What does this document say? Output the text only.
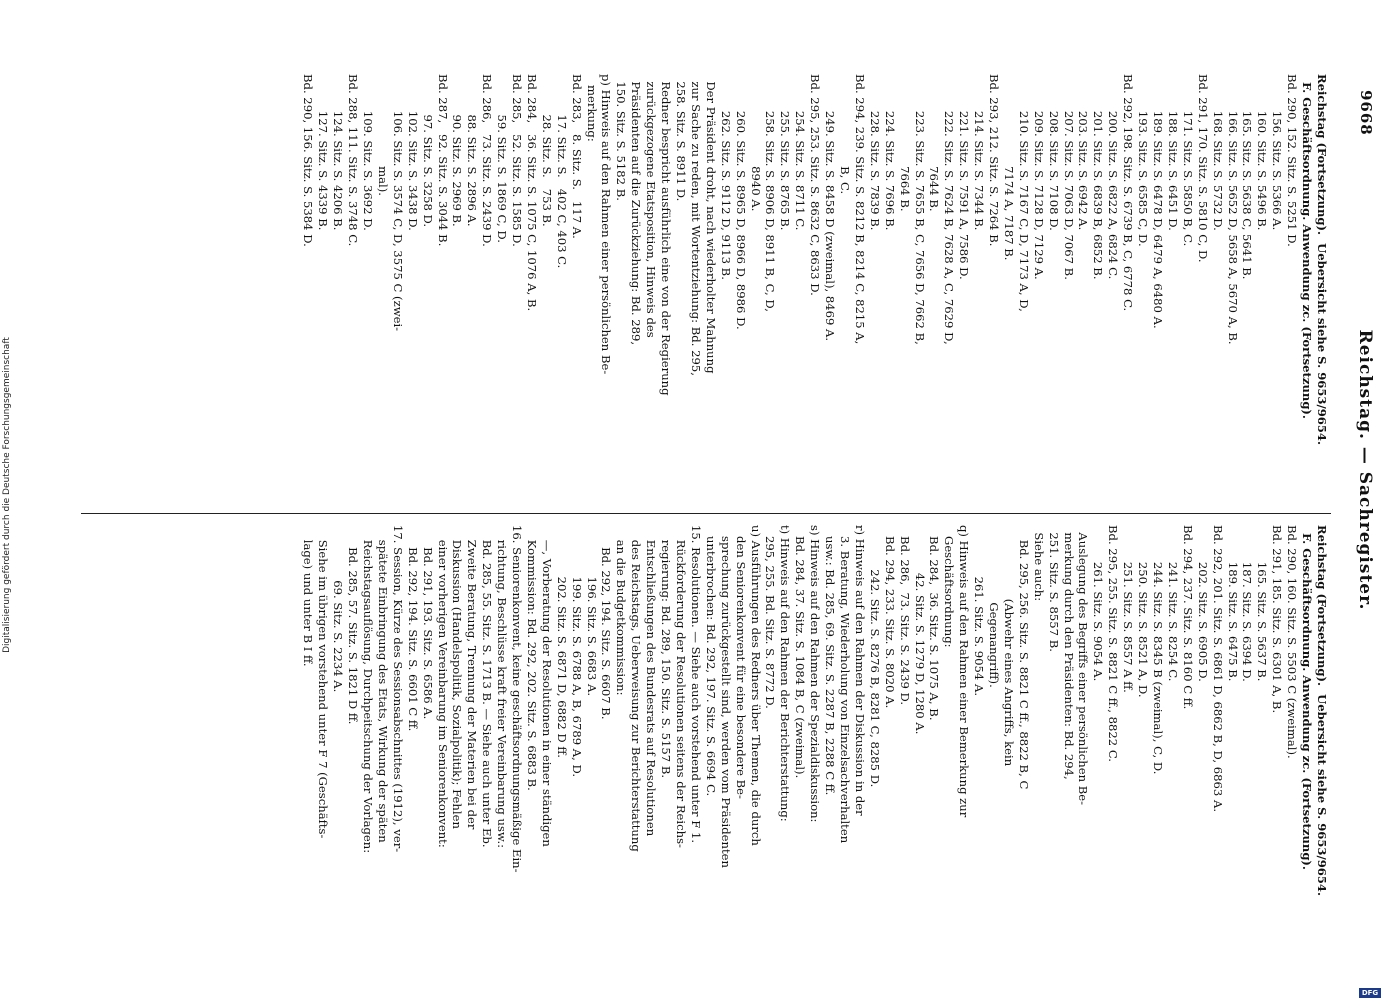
9668
Reichstag. — Sachregister.
Reichstag (Fortsetzung).  Uebersicht siehe S. 9653/9654.
F. Geschäftsordnung. Anwendung zc. (Fortsetzung).
Bd. 290, 152. Sitz. S. 5251 D.
156. Sitz. S. 5366 A.
160. Sitz. S. 5496 B.
165. Sitz. S. 5638 C, 5641 B.
166. Sitz. S. 5652 D, 5658 A, 5670 A, B.
168. Sitz. S. 5732 D.
Bd. 291, 170. Sitz. S. 5810 C, D.
171. Sitz. S. 5850 B, C.
188. Sitz. S. 6451 D.
189. Sitz. S. 6478 D, 6479 A, 6480 A.
193. Sitz. S. 6585 C, D.
Bd. 292, 198. Sitz. S. 6739 B, C, 6778 C.
200. Sitz. S. 6822 A, 6824 C.
201. Sitz. S. 6839 B, 6852 B.
203. Sitz. S. 6942 A.
207. Sitz. S. 7063 D, 7067 B.
208. Sitz. S. 7108 D.
209. Sitz. S. 7128 D, 7129 A.
210. Sitz. S. 7167 C, D, 7173 A, D,
7174 A, 7187 B.
Bd. 293, 212. Sitz. S. 7264 B.
214. Sitz. S. 7344 B.
221. Sitz. S. 7591 A, 7586 D.
222. Sitz. S. 7624 B, 7628 A, C, 7629 D,
7644 B.
223. Sitz. S. 7655 B, C, 7656 D, 7662 B,
7664 B.
224. Sitz. S. 7696 B.
228. Sitz. S. 7839 B.
Bd. 294, 239. Sitz. S. 8212 B, 8214 C, 8215 A,
B, C.
249. Sitz. S. 8458 D (zweimal), 8469 A.
Bd. 295, 253. Sitz. S. 8632 C, 8633 D.
254. Sitz. S. 8711 C.
255. Sitz. S. 8765 B.
258. Sitz. S. 8906 D, 8911 B, C, D,
8940 A.
260. Sitz. S. 8965 D, 8966 D, 8986 D.
262. Sitz. S. 9112 D, 9113 B.
Der Präsident droht, nach wiederholter Mahnung
zur Sache zu reden, mit Wortentziehung: Bd. 295,
258. Sitz. S. 8911 D.
Redner bespricht ausführlich eine von der Regierung
zurückgezogene Etatsposition, Hinweis des
Präsidenten auf die Zurückziehung: Bd. 289,
150. Sitz. S. 5182 B.
p) Hinweis auf den Rahmen einer persönlichen Be-
merkung:
Bd. 283,   8. Sitz. S.   117 A.
17. Sitz. S.   402 C, 403 C.
28. Sitz. S.   753 B.
Bd. 284,   36. Sitz. S. 1075 C, 1076 A, B.
Bd. 285,   52. Sitz. S. 1585 D.
59. Sitz. S. 1869 C, D.
Bd. 286,   73. Sitz. S. 2439 D.
88. Sitz. S. 2896 A.
90. Sitz. S. 2969 B.
Bd. 287,   92. Sitz. S. 3044 B.
97. Sitz. S. 3258 D.
102. Sitz. S. 3438 D.
106. Sitz. S. 3574 C, D, 3575 C (zwei-
mal).
109. Sitz. S. 3692 D.
Bd. 288, 111. Sitz. S. 3748 C.
124. Sitz. S. 4206 B.
127. Sitz. S. 4339 B.
Bd. 290, 156. Sitz. S. 5384 D.
Reichstag (Fortsetzung).  Uebersicht siehe S. 9653/9654.
F. Geschäftsordnung. Anwendung zc. (Fortsetzung).
Bd. 290, 160. Sitz. S. 5503 C (zweimal).
Bd. 291, 185. Sitz. S. 6301 A, B.
165. Sitz. S. 5637 B.
187. Sitz. S. 6394 D.
189. Sitz. S. 6475 B.
Bd. 292, 201. Sitz. S. 6861 D, 6862 B, D, 6863 A.
202. Sitz. S. 6905 D.
Bd. 294, 237. Sitz. S. 8160 C ff.
241. Sitz. S. 8254 C.
244. Sitz. S. 8345 B (zweimal), C, D.
250. Sitz. S. 8521 A, D.
251. Sitz. S. 8557 A ff.
Bd. 295, 255. Sitz. S. 8821 C ff., 8822 C.
261. Sitz. S. 9054 A.
Auslegung des Begriffs einer persönlichen Be-
merkung durch den Präsidenten: Bd. 294,
251. Sitz. S. 8557 B.
Siehe auch:
Bd. 295, 256. Sitz. S. 8821 C ff., 8822 B, C
(Abwehr eines Angriffs, kein
Gegenangriff).
261. Sitz. S. 9054 A.
q) Hinweis auf den Rahmen einer Bemerkung zur
Geschäftsordnung:
Bd. 284,  36. Sitz. S. 1075 A, B.
42. Sitz. S. 1279 D, 1280 A.
Bd. 286,  73. Sitz. S. 2439 D.
Bd. 294, 233. Sitz. S. 8020 A.
242. Sitz. S. 8276 B, 8281 C, 8285 D.
r) Hinweis auf den Rahmen der Diskussion in der
3. Beratung, Wiederholung von Einzelsachverhalten
usw.: Bd. 285, 69. Sitz. S. 2287 B, 2288 C ff.
s) Hinweis auf den Rahmen der Spezialdiskussion:
Bd. 284, 37. Sitz. S. 1084 B, C (zweimal).
t) Hinweis auf den Rahmen der Berichterstattung:
295, 255. Bd. Sitz. S. 8772 D.
u) Ausführungen des Redners über Themen, die durch
den Seniorenkonvent für eine besondere Be-
sprechung zurückgestellt sind, werden vom Präsidenten
unterbrochen: Bd. 292, 197. Sitz. S. 6694 C.
15. Resolutionen. — Siehe auch vorstehend unter F 1.
Rückforderung der Resolutionen seitens der Reichs-
regierung: Bd. 289, 150. Sitz. S. 5157 B.
Entschließungen des Bundesrats auf Resolutionen
des Reichstags, Ueberweisung zur Berichterstattung
an die Budgetkommission:
Bd. 292, 194. Sitz. S. 6607 B.
196. Sitz. S. 6683 A.
199. Sitz. S. 6788 A, B, 6789 A, D.
202. Sitz. S. 6871 D, 6882 D ff.
—, Vorberatung der Resolutionen in einer ständigen
Kommission: Bd. 292, 202. Sitz. S. 6883 B.
16. Seniorenkonvent, keine geschäftsordnungsmäßige Ein-
richtung, Beschlüsse kraft freier Vereinbarung usw.:
Bd. 285, 55. Sitz. S. 1713 B. — Siehe auch unter Eb.
Zweite Beratung, Trennung der Materien bei der
Diskussion (Handelspolitik, Sozialpolitik); Fehlen
einer vorherigen Vereinbarung im Seniorenkonvent:
Bd. 291, 193. Sitz. S. 6586 A.
Bd. 292, 194. Sitz. S. 6601 C ff.
17. Session, Kürze des Sessionsabschnittes (1912), ver-
spätete Einbringung des Etats, Wirkung der späten
Reichstagsauflösung, Durchpeitschung der Vorlagen:
Bd. 285, 57. Sitz. S. 1821 D ff.
69. Sitz. S. 2234 A.
Siehe im übrigen vorstehend unter F 7 (Geschäfts-
lage) und unter B I ff.
Digitalisierung gefördert durch die Deutsche Forschungsgemeinschaft
DFG
